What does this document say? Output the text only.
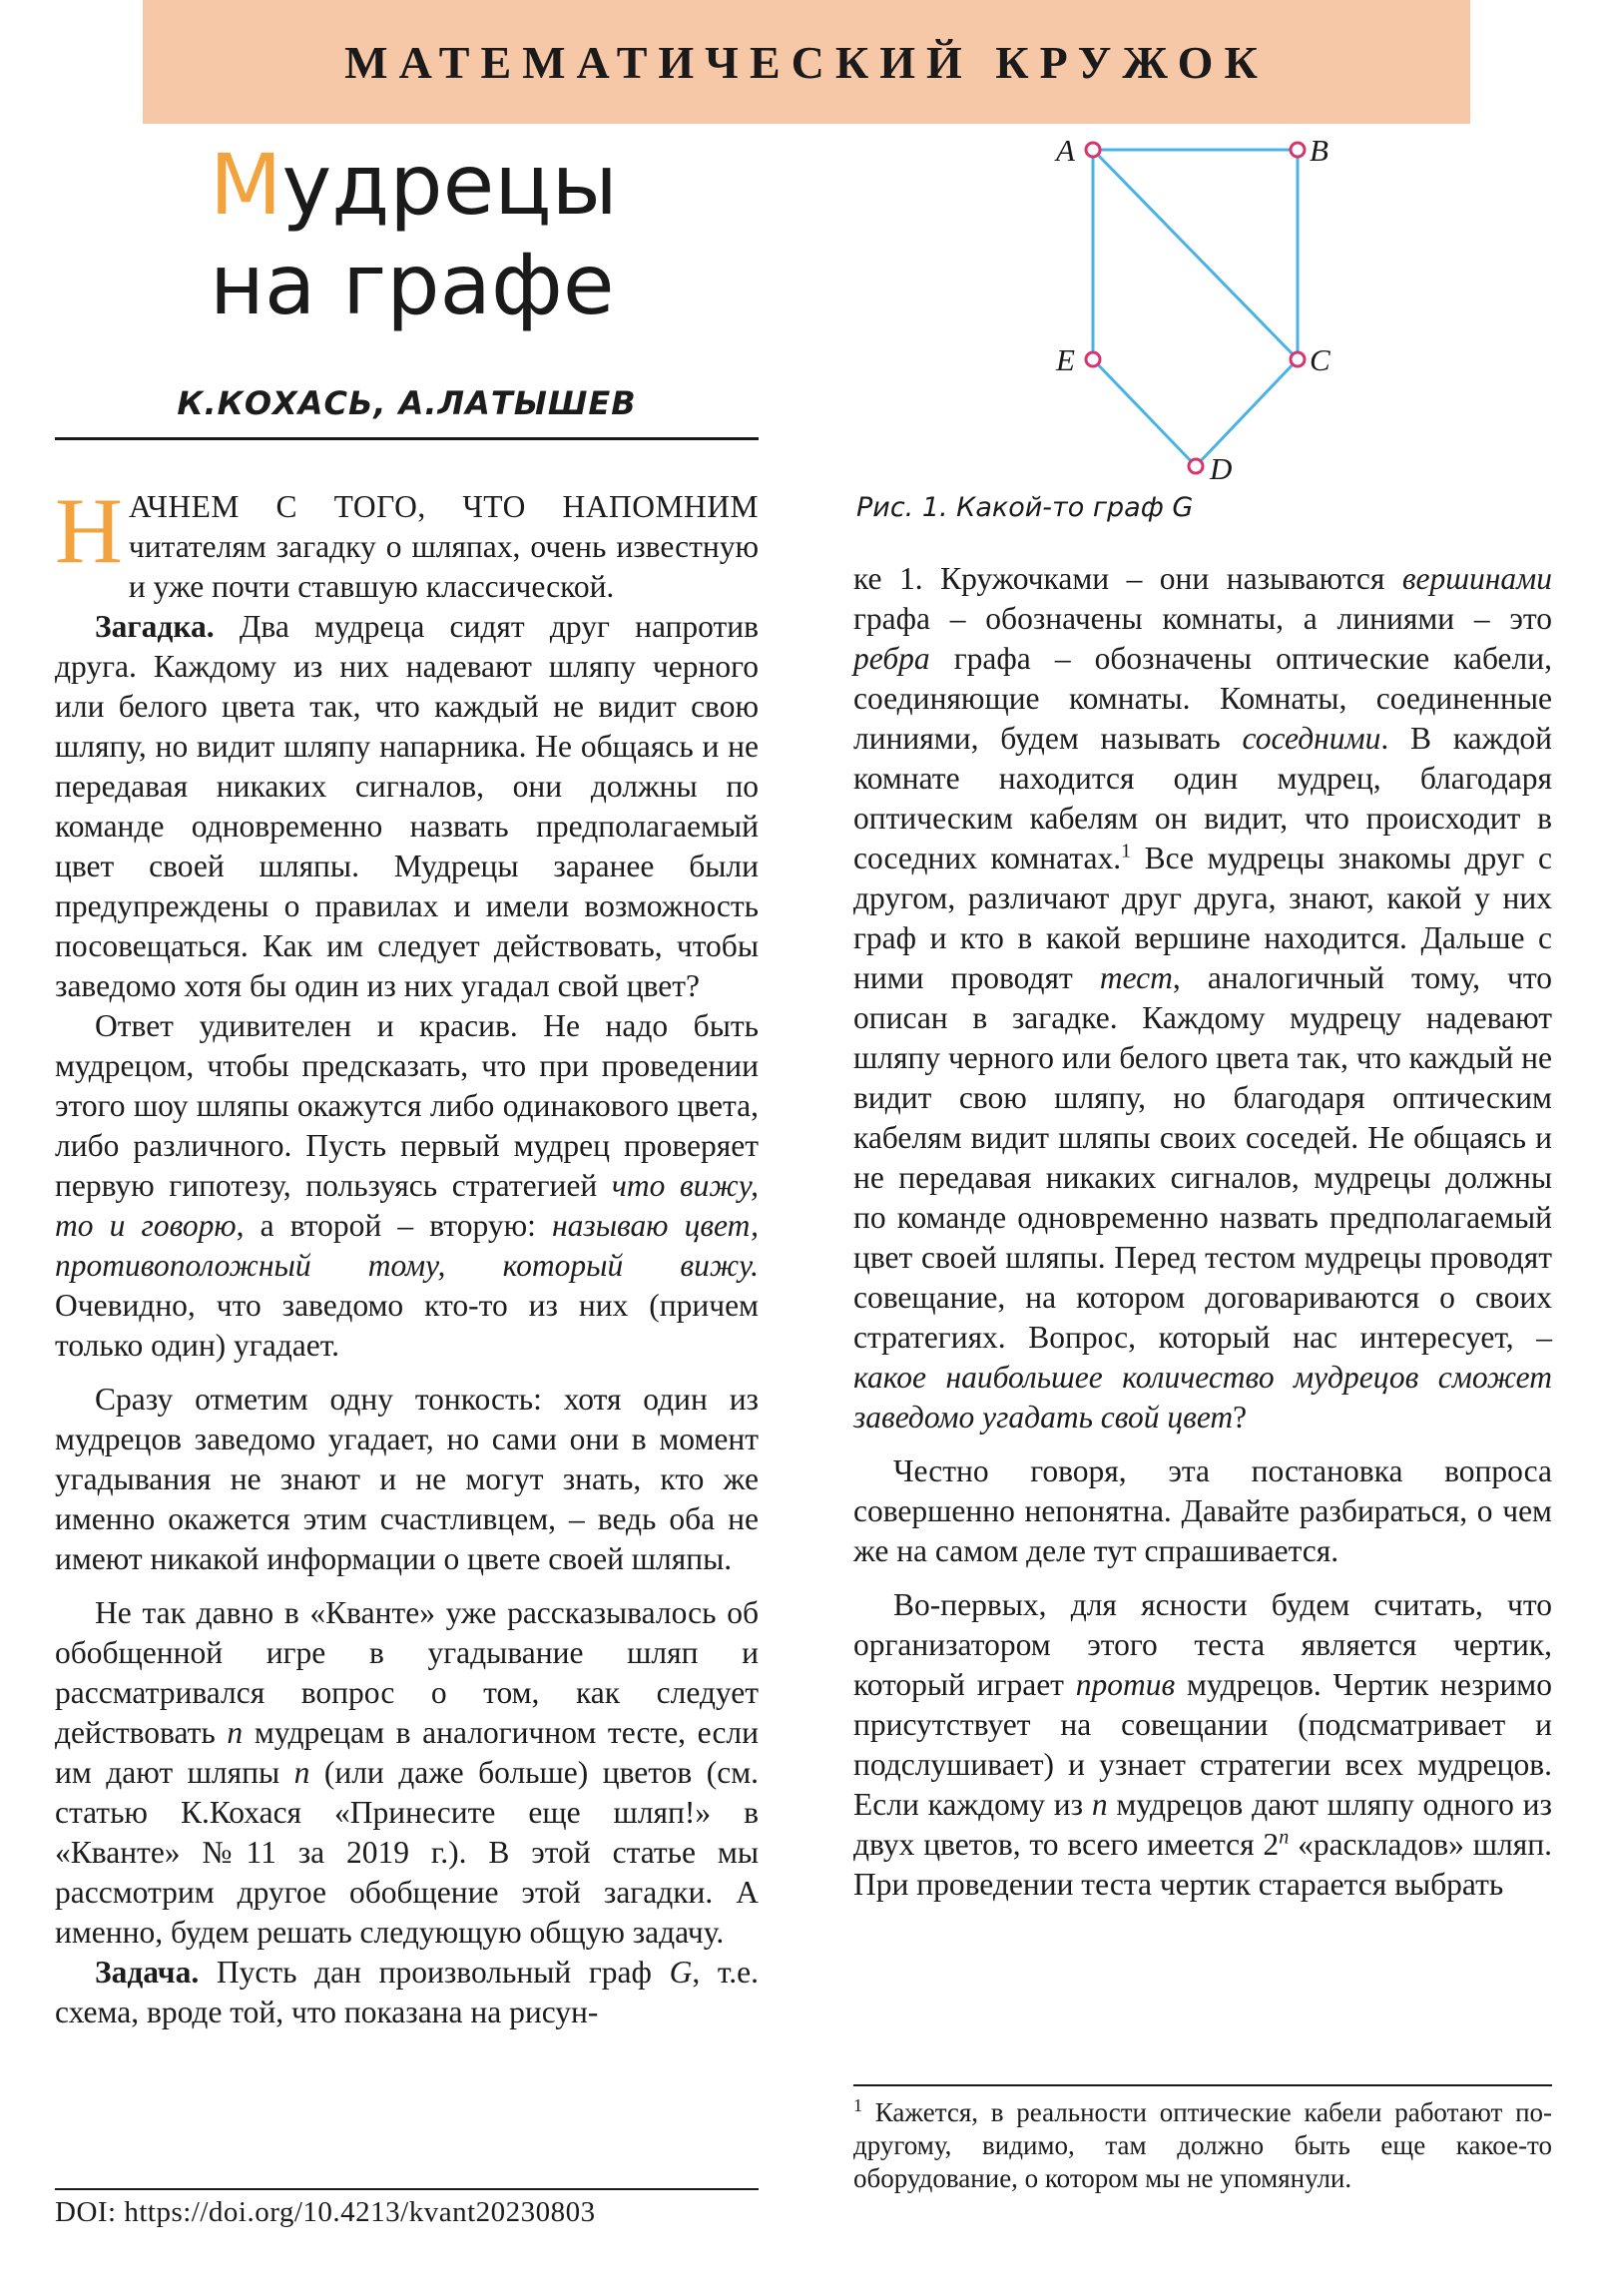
МАТЕМАТИЧЕСКИЙ КРУЖОК
Мудрецы
на графе
К.КОХАСЬ, А.ЛАТЫШЕВ
A	B
C
D
E
Рис. 1. Какой-то граф G

НАЧНЕМ С ТОГО, ЧТО НАПОМНИМ читателям загадку о шляпах, очень известную и уже почти ставшую классической.

Загадка. Два мудреца сидят друг напротив друга. Каждому из них надевают шляпу черного или белого цвета так, что каждый не видит свою шляпу, но видит шляпу напарника. Не общаясь и не передавая никаких сигналов, они должны по команде одновременно назвать предполагаемый цвет своей шляпы. Мудрецы заранее были предупреждены о правилах и имели возможность посовещаться. Как им следует действовать, чтобы заведомо хотя бы один из них угадал свой цвет?

Ответ удивителен и красив. Не надо быть мудрецом, чтобы предсказать, что при проведении этого шоу шляпы окажутся либо одинакового цвета, либо различного. Пусть первый мудрец проверяет первую гипотезу, пользуясь стратегией что вижу, то и говорю, а второй – вторую: называю цвет, противоположный тому, который вижу. Очевидно, что заведомо кто-то из них (причем только один) угадает.

Сразу отметим одну тонкость: хотя один из мудрецов заведомо угадает, но сами они в момент угадывания не знают и не могут знать, кто же именно окажется этим счастливцем, – ведь оба не имеют никакой информации о цвете своей шляпы.

Не так давно в «Кванте» уже рассказывалось об обобщенной игре в угадывание шляп и рассматривался вопрос о том, как следует действовать n мудрецам в аналогичном тесте, если им дают шляпы n (или даже больше) цветов (см. статью К.Кохася «Принесите еще шляп!» в «Кванте» №11 за 2019 г.). В этой статье мы рассмотрим другое обобщение этой загадки. А именно, будем решать следующую общую задачу.

Задача. Пусть дан произвольный граф G, т.е. схема, вроде той, что показана на рисун-

ке 1. Кружочками – они называются вершинами графа – обозначены комнаты, а линиями – это ребра графа – обозначены оптические кабели, соединяющие комнаты. Комнаты, соединенные линиями, будем называть соседними. В каждой комнате находится один мудрец, благодаря оптическим кабелям он видит, что происходит в соседних комнатах.$^1$ Все мудрецы знакомы друг с другом, различают друг друга, знают, какой у них граф и кто в какой вершине находится. Дальше с ними проводят тест, аналогичный тому, что описан в загадке. Каждому мудрецу надевают шляпу черного или белого цвета так, что каждый не видит свою шляпу, но благодаря оптическим кабелям видит шляпы своих соседей. Не общаясь и не передавая никаких сигналов, мудрецы должны по команде одновременно назвать предполагаемый цвет своей шляпы. Перед тестом мудрецы проводят совещание, на котором договариваются о своих стратегиях. Вопрос, который нас интересует, – какое наибольшее количество мудрецов сможет заведомо угадать свой цвет?

Честно говоря, эта постановка вопроса совершенно непонятна. Давайте разбираться, о чем же на самом деле тут спрашивается.

Во-первых, для ясности будем считать, что организатором этого теста является чертик, который играет против мудрецов. Чертик незримо присутствует на совещании (подсматривает и подслушивает) и узнает стратегии всех мудрецов. Если каждому из n мудрецов дают шляпу одного из двух цветов, то всего имеется 2$^n$ «раскладов» шляп. При проведении теста чертик старается выбрать

$^1$ Кажется, в реальности оптические кабели работают по-другому, видимо, там должно быть еще какое-то оборудование, о котором мы не упомянули.
DOI: https://doi.org/10.4213/kvant20230803
